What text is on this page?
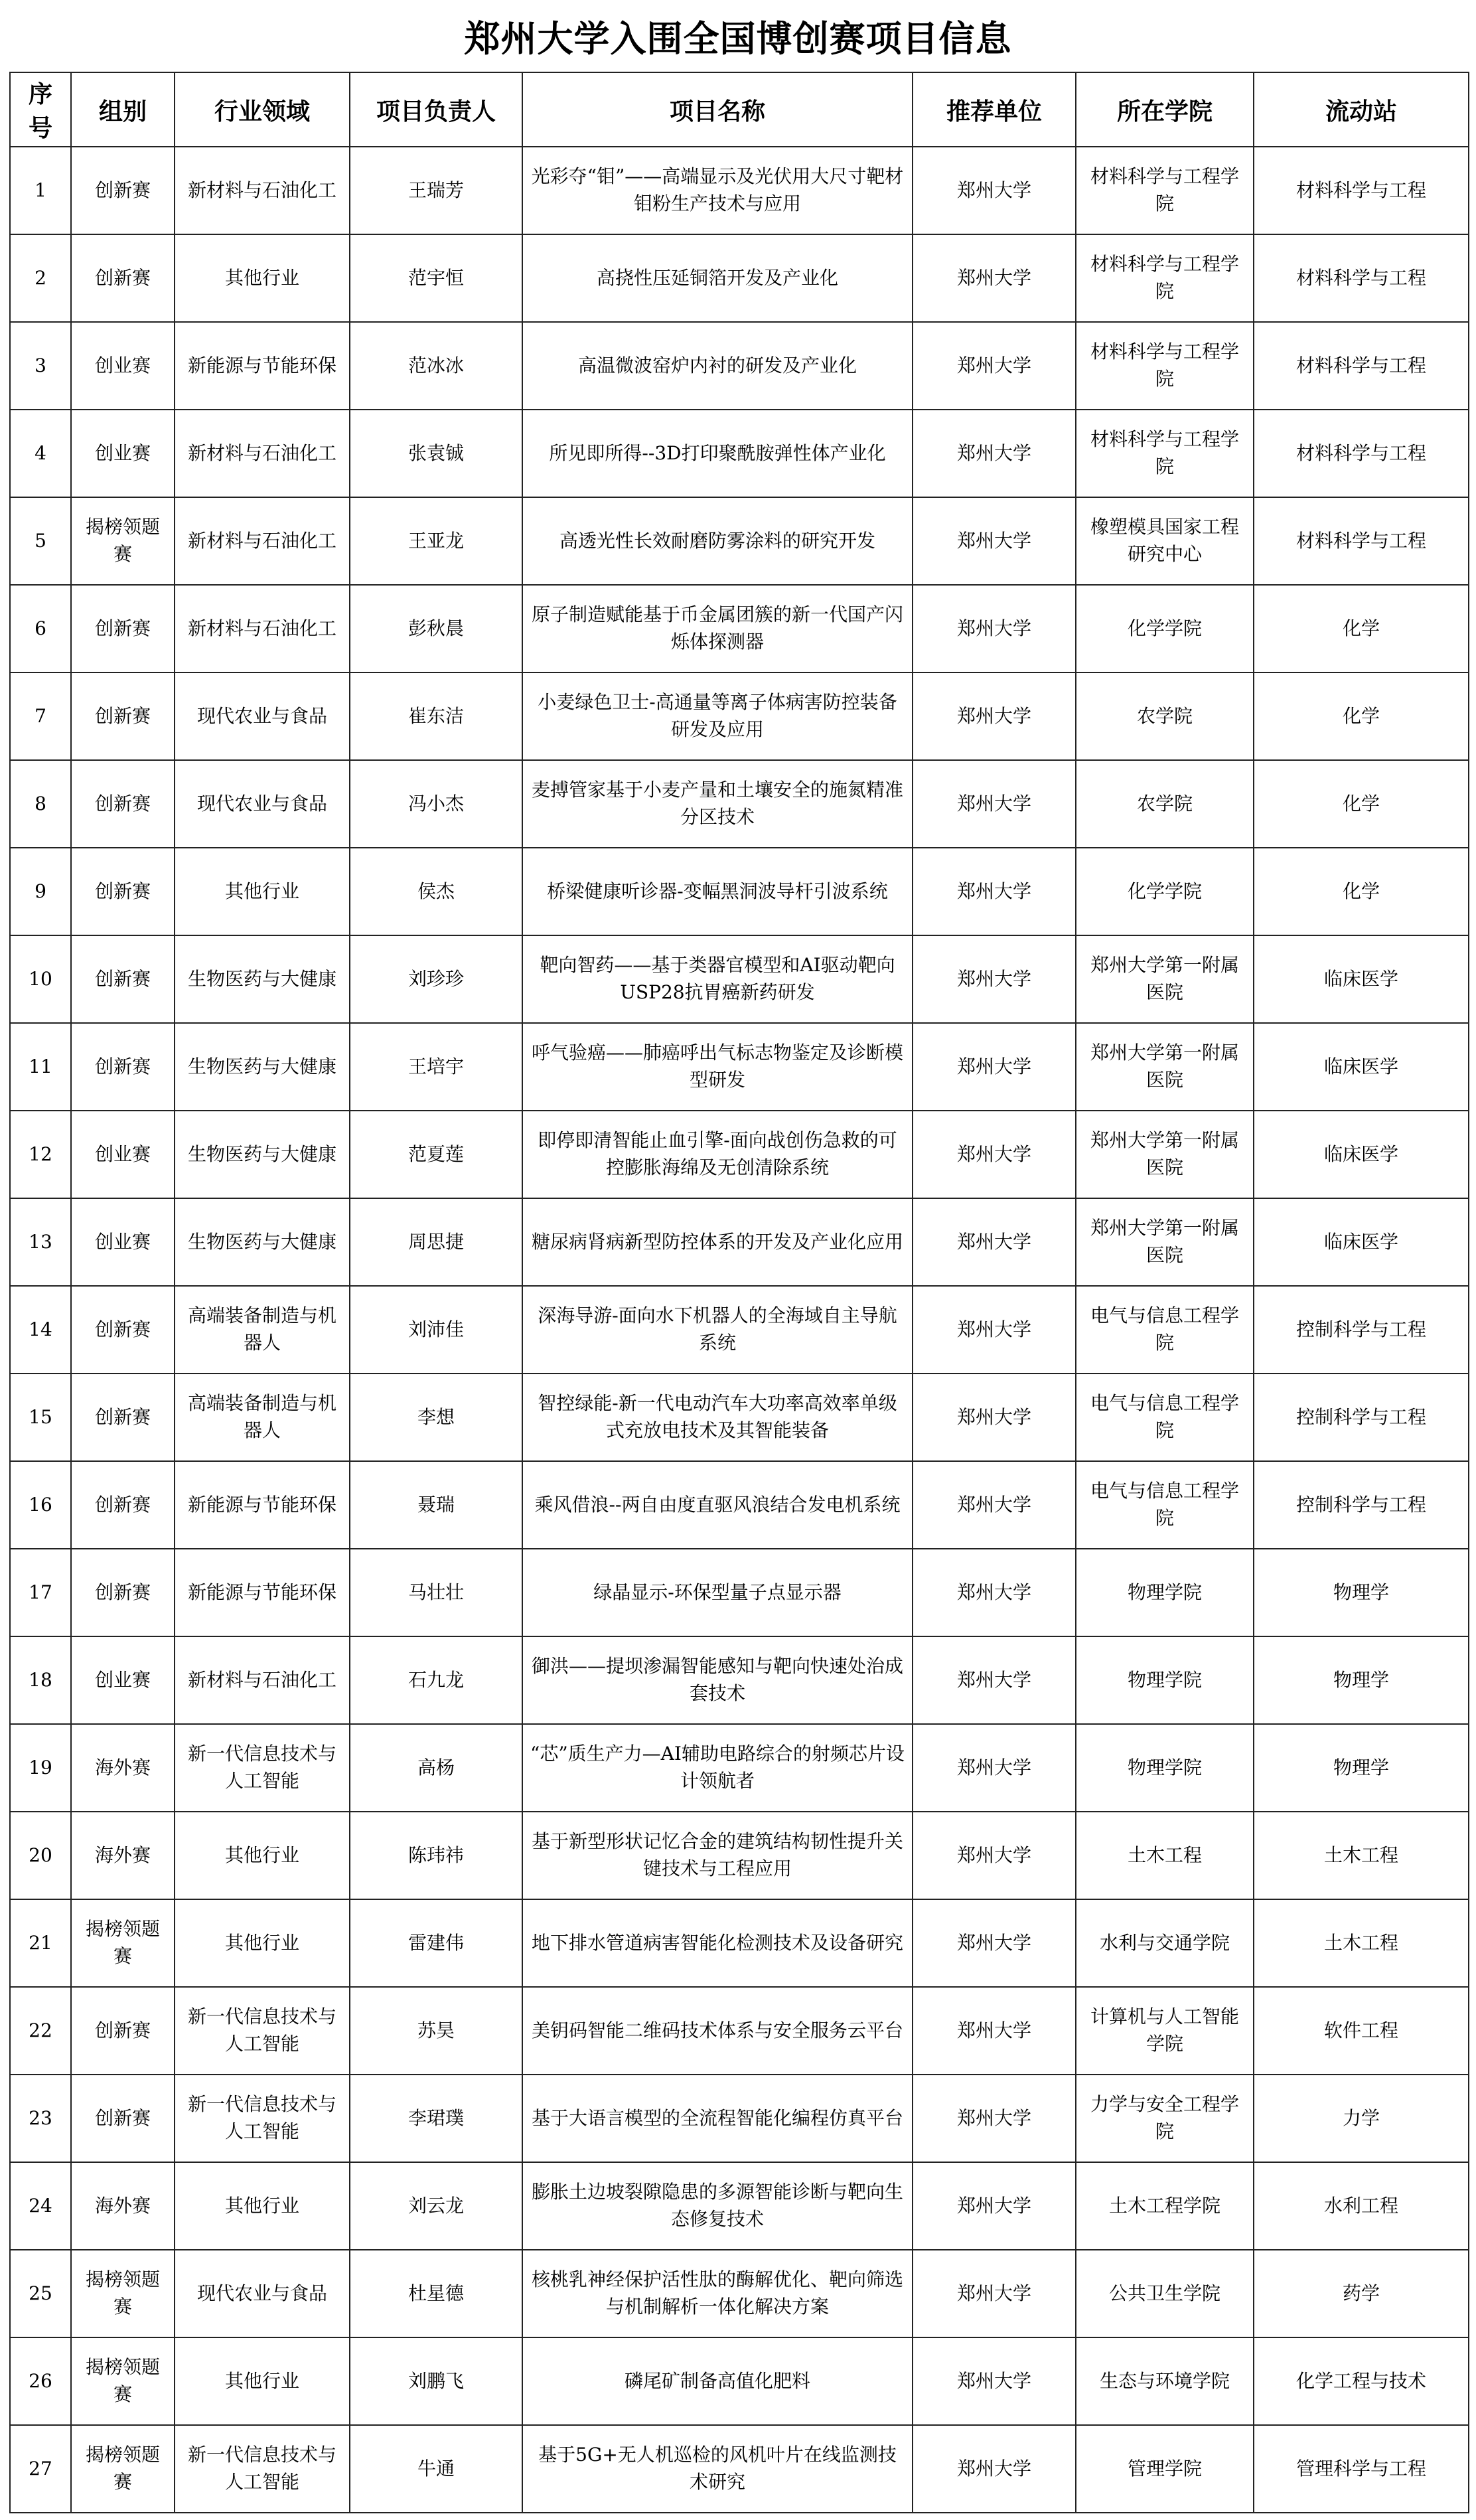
郑州大学入围全国博创赛项目信息
序号	组别	行业领域	项目负责人	项目名称	推荐单位	所在学院	流动站
1	创新赛	新材料与石油化工	王瑞芳	光彩夺“钼”——高端显示及光伏用大尺寸靶材钼粉生产技术与应用	郑州大学	材料科学与工程学院	材料科学与工程
2	创新赛	其他行业	范宇恒	高挠性压延铜箔开发及产业化	郑州大学	材料科学与工程学院	材料科学与工程
3	创业赛	新能源与节能环保	范冰冰	高温微波窑炉内衬的研发及产业化	郑州大学	材料科学与工程学院	材料科学与工程
4	创业赛	新材料与石油化工	张袁铖	所见即所得--3D打印聚酰胺弹性体产业化	郑州大学	材料科学与工程学院	材料科学与工程
5	揭榜领题赛	新材料与石油化工	王亚龙	高透光性长效耐磨防雾涂料的研究开发	郑州大学	橡塑模具国家工程研究中心	材料科学与工程
6	创新赛	新材料与石油化工	彭秋晨	原子制造赋能基于币金属团簇的新一代国产闪烁体探测器	郑州大学	化学学院	化学
7	创新赛	现代农业与食品	崔东洁	小麦绿色卫士-高通量等离子体病害防控装备研发及应用	郑州大学	农学院	化学
8	创新赛	现代农业与食品	冯小杰	麦搏管家基于小麦产量和土壤安全的施氮精准分区技术	郑州大学	农学院	化学
9	创新赛	其他行业	侯杰	桥梁健康听诊器-变幅黑洞波导杆引波系统	郑州大学	化学学院	化学
10	创新赛	生物医药与大健康	刘珍珍	靶向智药——基于类器官模型和AI驱动靶向USP28抗胃癌新药研发	郑州大学	郑州大学第一附属医院	临床医学
11	创新赛	生物医药与大健康	王培宇	呼气验癌——肺癌呼出气标志物鉴定及诊断模型研发	郑州大学	郑州大学第一附属医院	临床医学
12	创业赛	生物医药与大健康	范夏莲	即停即清智能止血引擎-面向战创伤急救的可控膨胀海绵及无创清除系统	郑州大学	郑州大学第一附属医院	临床医学
13	创业赛	生物医药与大健康	周思捷	糖尿病肾病新型防控体系的开发及产业化应用	郑州大学	郑州大学第一附属医院	临床医学
14	创新赛	高端装备制造与机器人	刘沛佳	深海导游-面向水下机器人的全海域自主导航系统	郑州大学	电气与信息工程学院	控制科学与工程
15	创新赛	高端装备制造与机器人	李想	智控绿能-新一代电动汽车大功率高效率单级式充放电技术及其智能装备	郑州大学	电气与信息工程学院	控制科学与工程
16	创新赛	新能源与节能环保	聂瑞	乘风借浪--两自由度直驱风浪结合发电机系统	郑州大学	电气与信息工程学院	控制科学与工程
17	创新赛	新能源与节能环保	马壮壮	绿晶显示-环保型量子点显示器	郑州大学	物理学院	物理学
18	创业赛	新材料与石油化工	石九龙	御洪——提坝渗漏智能感知与靶向快速处治成套技术	郑州大学	物理学院	物理学
19	海外赛	新一代信息技术与人工智能	高杨	“芯”质生产力—AI辅助电路综合的射频芯片设计领航者	郑州大学	物理学院	物理学
20	海外赛	其他行业	陈玮祎	基于新型形状记忆合金的建筑结构韧性提升关键技术与工程应用	郑州大学	土木工程	土木工程
21	揭榜领题赛	其他行业	雷建伟	地下排水管道病害智能化检测技术及设备研究	郑州大学	水利与交通学院	土木工程
22	创新赛	新一代信息技术与人工智能	苏昊	美钥码智能二维码技术体系与安全服务云平台	郑州大学	计算机与人工智能学院	软件工程
23	创新赛	新一代信息技术与人工智能	李珺璞	基于大语言模型的全流程智能化编程仿真平台	郑州大学	力学与安全工程学院	力学
24	海外赛	其他行业	刘云龙	膨胀土边坡裂隙隐患的多源智能诊断与靶向生态修复技术	郑州大学	土木工程学院	水利工程
25	揭榜领题赛	现代农业与食品	杜星德	核桃乳神经保护活性肽的酶解优化、靶向筛选与机制解析一体化解决方案	郑州大学	公共卫生学院	药学
26	揭榜领题赛	其他行业	刘鹏飞	磷尾矿制备高值化肥料	郑州大学	生态与环境学院	化学工程与技术
27	揭榜领题赛	新一代信息技术与人工智能	牛通	基于5G+无人机巡检的风机叶片在线监测技术研究	郑州大学	管理学院	管理科学与工程
